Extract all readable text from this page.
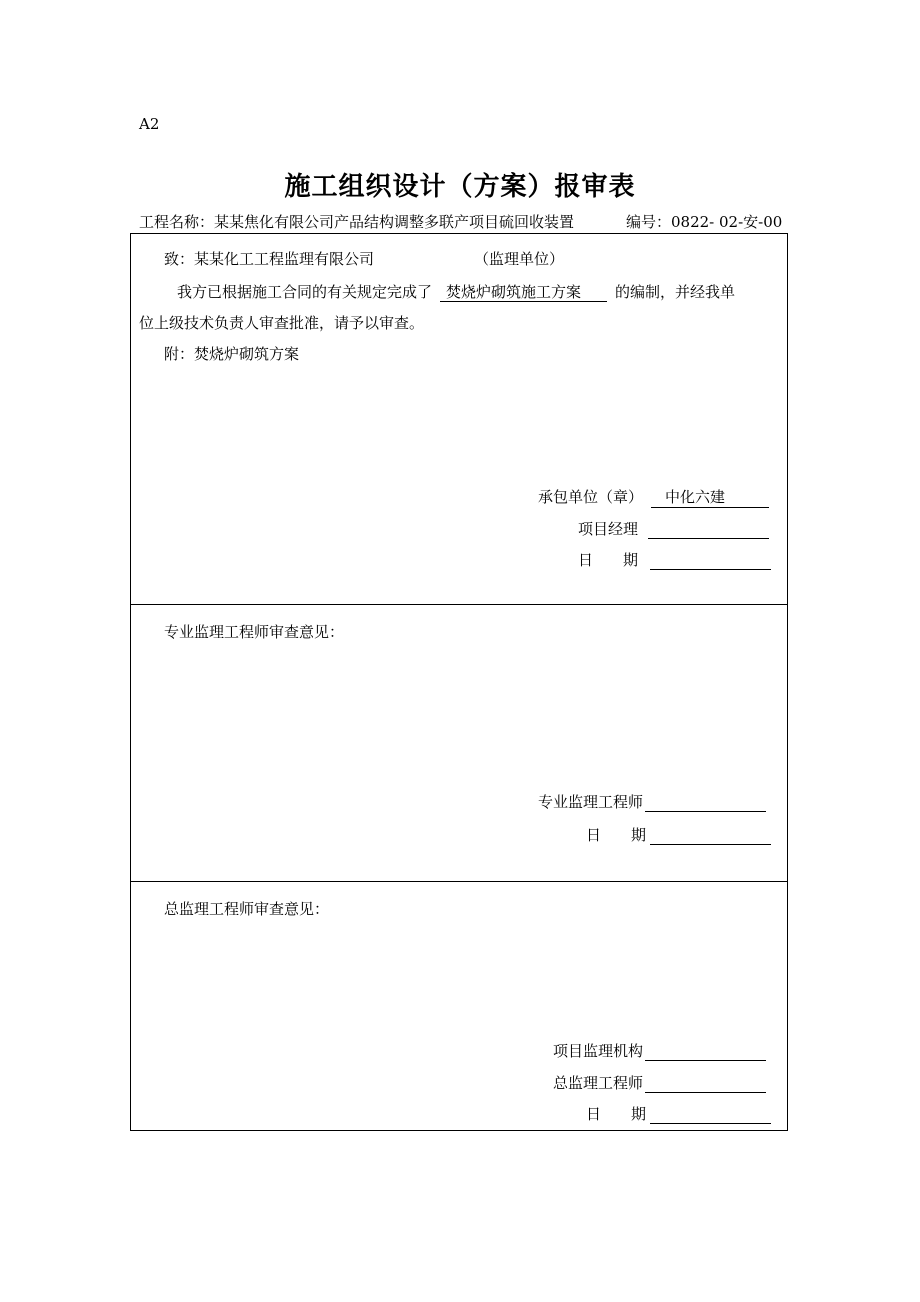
A2
施工组织设计（方案）报审表
工程名称：某某焦化有限公司产品结构调整多联产项目硫回收装置	编号：0822- 02-安-00
致：某某化工工程监理有限公司	（监理单位）
我方已根据施工合同的有关规定完成了 焚烧炉砌筑施工方案 的编制，并经我单
位上级技术负责人审查批准，请予以审查。
附：焚烧炉砌筑方案
承包单位（章） 中化六建
项目经理
日　　期
专业监理工程师审查意见：
专业监理工程师
日　　期
总监理工程师审查意见：
项目监理机构
总监理工程师
日　　期
